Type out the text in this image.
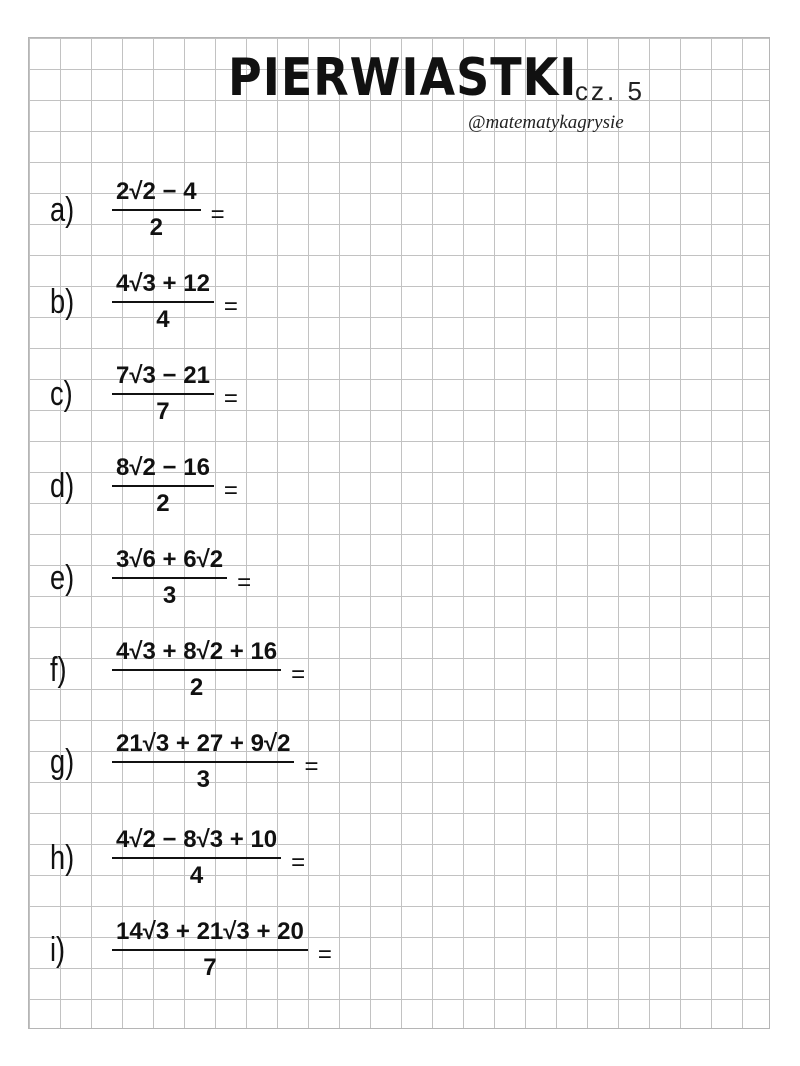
PIERWIASTKI
cz. 5
@matematykagrysie
a)	$\frac{2√2 - 4}{2}$ =
b)	$\frac{4√3 + 12}{4}$ =
c)	$\frac{7√3 - 21}{7}$ =
d)	$\frac{8√2 - 16}{2}$ =
e)	$\frac{3√6 + 6√2}{3}$ =
f)	$\frac{4√3 + 8√2 + 16}{2}$ =
g)	$\frac{21√3 + 27 + 9√2}{3}$ =
h)	$\frac{4√2 - 8√3 + 10}{4}$ =
i)	$\frac{14√3 + 21√3 + 20}{7}$ =
